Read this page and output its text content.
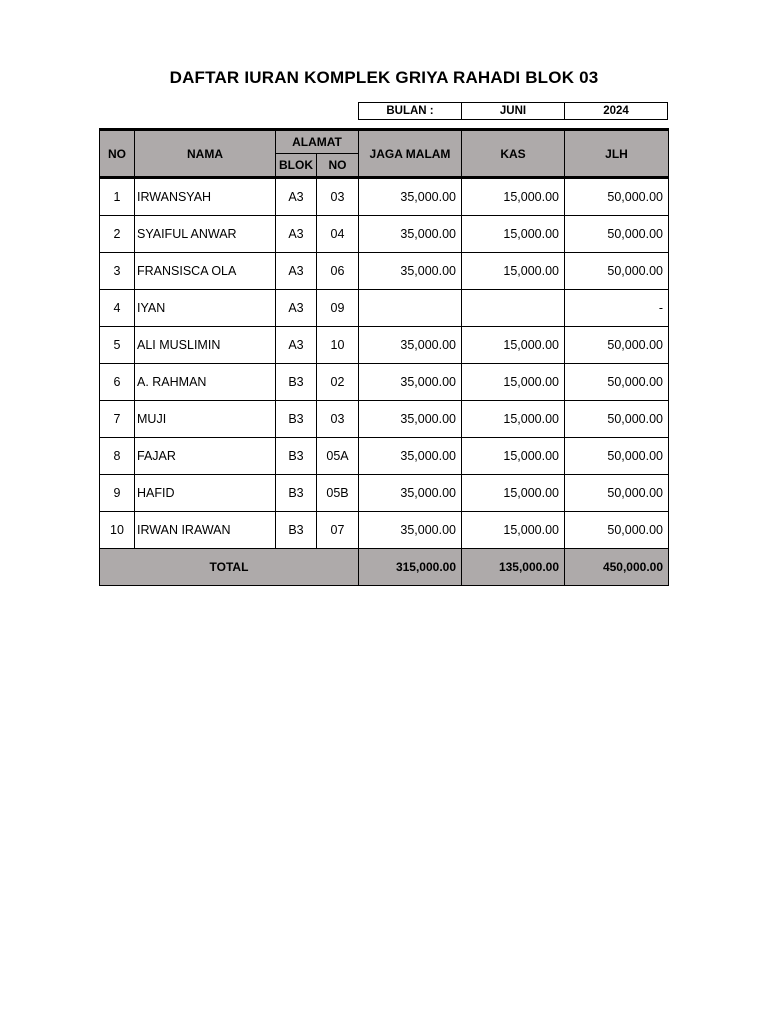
DAFTAR IURAN KOMPLEK GRIYA RAHADI BLOK 03
BULAN :	JUNI	2024
NO	NAMA	ALAMAT		JAGA MALAM	KAS	JLH
		BLOK	NO			
1	IRWANSYAH	A3	03	35,000.00	15,000.00	50,000.00
2	SYAIFUL ANWAR	A3	04	35,000.00	15,000.00	50,000.00
3	FRANSISCA OLA	A3	06	35,000.00	15,000.00	50,000.00
4	IYAN	A3	09			-
5	ALI MUSLIMIN	A3	10	35,000.00	15,000.00	50,000.00
6	A. RAHMAN	B3	02	35,000.00	15,000.00	50,000.00
7	MUJI	B3	03	35,000.00	15,000.00	50,000.00
8	FAJAR	B3	05A	35,000.00	15,000.00	50,000.00
9	HAFID	B3	05B	35,000.00	15,000.00	50,000.00
10	IRWAN IRAWAN	B3	07	35,000.00	15,000.00	50,000.00
TOTAL				315,000.00	135,000.00	450,000.00
